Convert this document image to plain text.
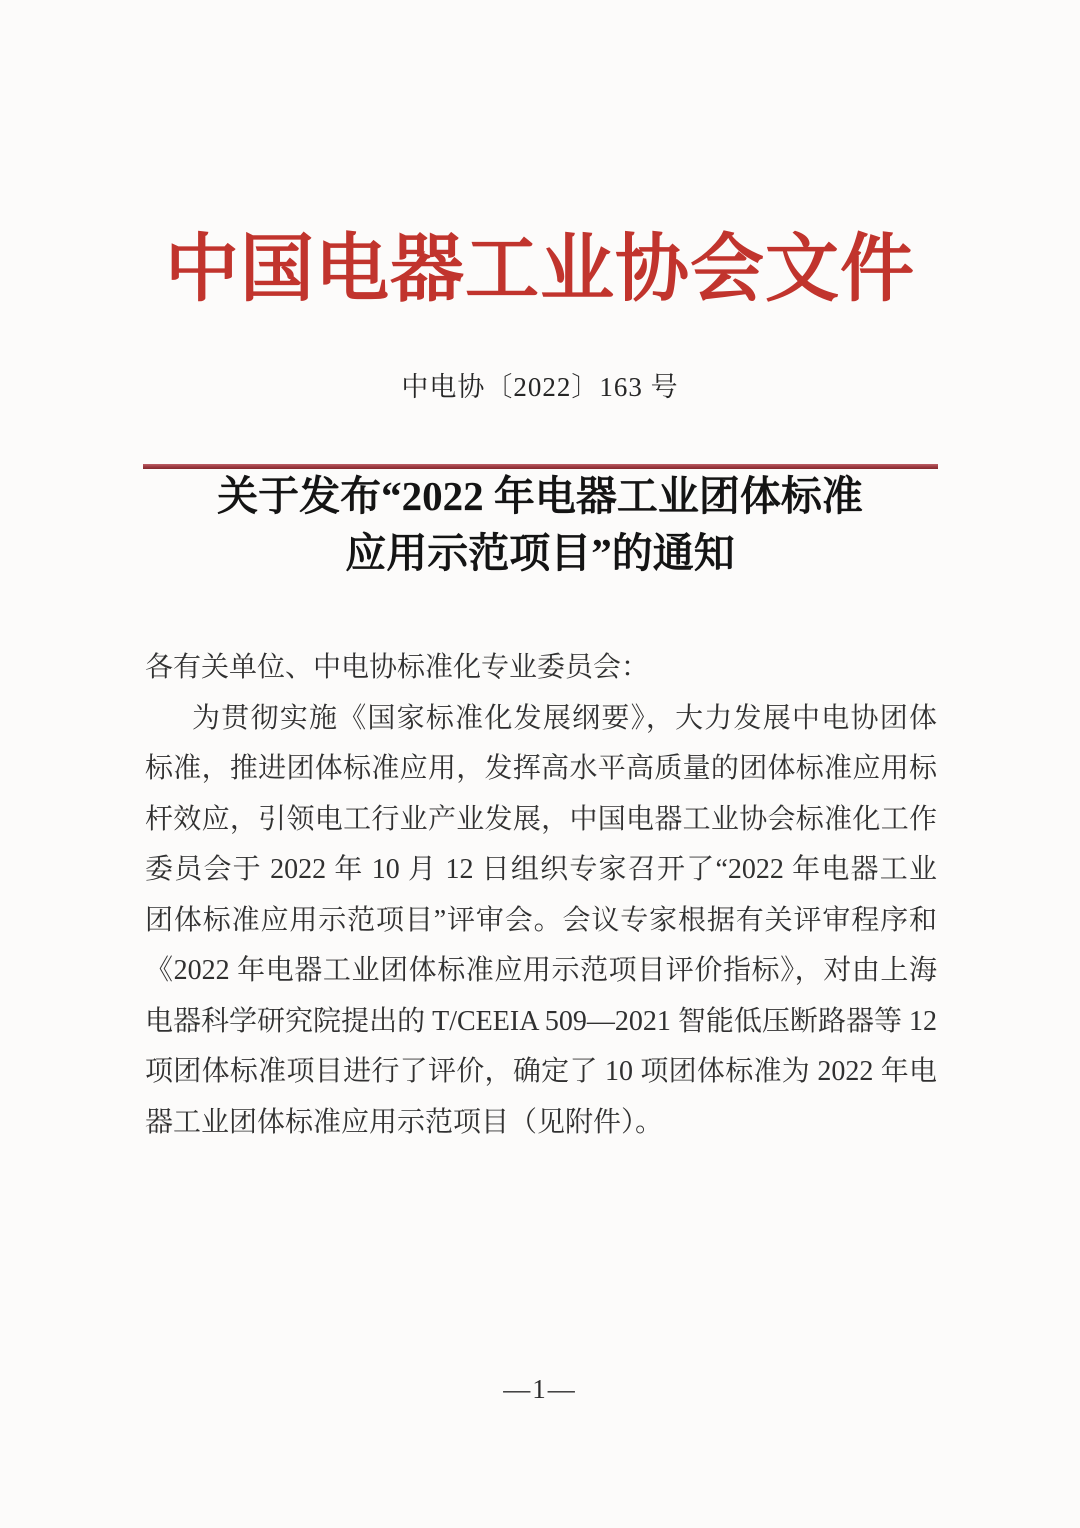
中国电器工业协会文件
中电协〔2022〕163 号
关于发布“2022 年电器工业团体标准
应用示范项目”的通知
各有关单位、中电协标准化专业委员会：
为贯彻实施《国家标准化发展纲要》，大力发展中电协团体
标准，推进团体标准应用，发挥高水平高质量的团体标准应用标
杆效应，引领电工行业产业发展，中国电器工业协会标准化工作
委员会于 2022 年 10 月 12 日组织专家召开了“2022 年电器工业
团体标准应用示范项目”评审会。会议专家根据有关评审程序和
《2022 年电器工业团体标准应用示范项目评价指标》，对由上海
电器科学研究院提出的 T/CEEIA 509—2021 智能低压断路器等 12
项团体标准项目进行了评价，确定了 10 项团体标准为 2022 年电
器工业团体标准应用示范项目（见附件）。
—1—
